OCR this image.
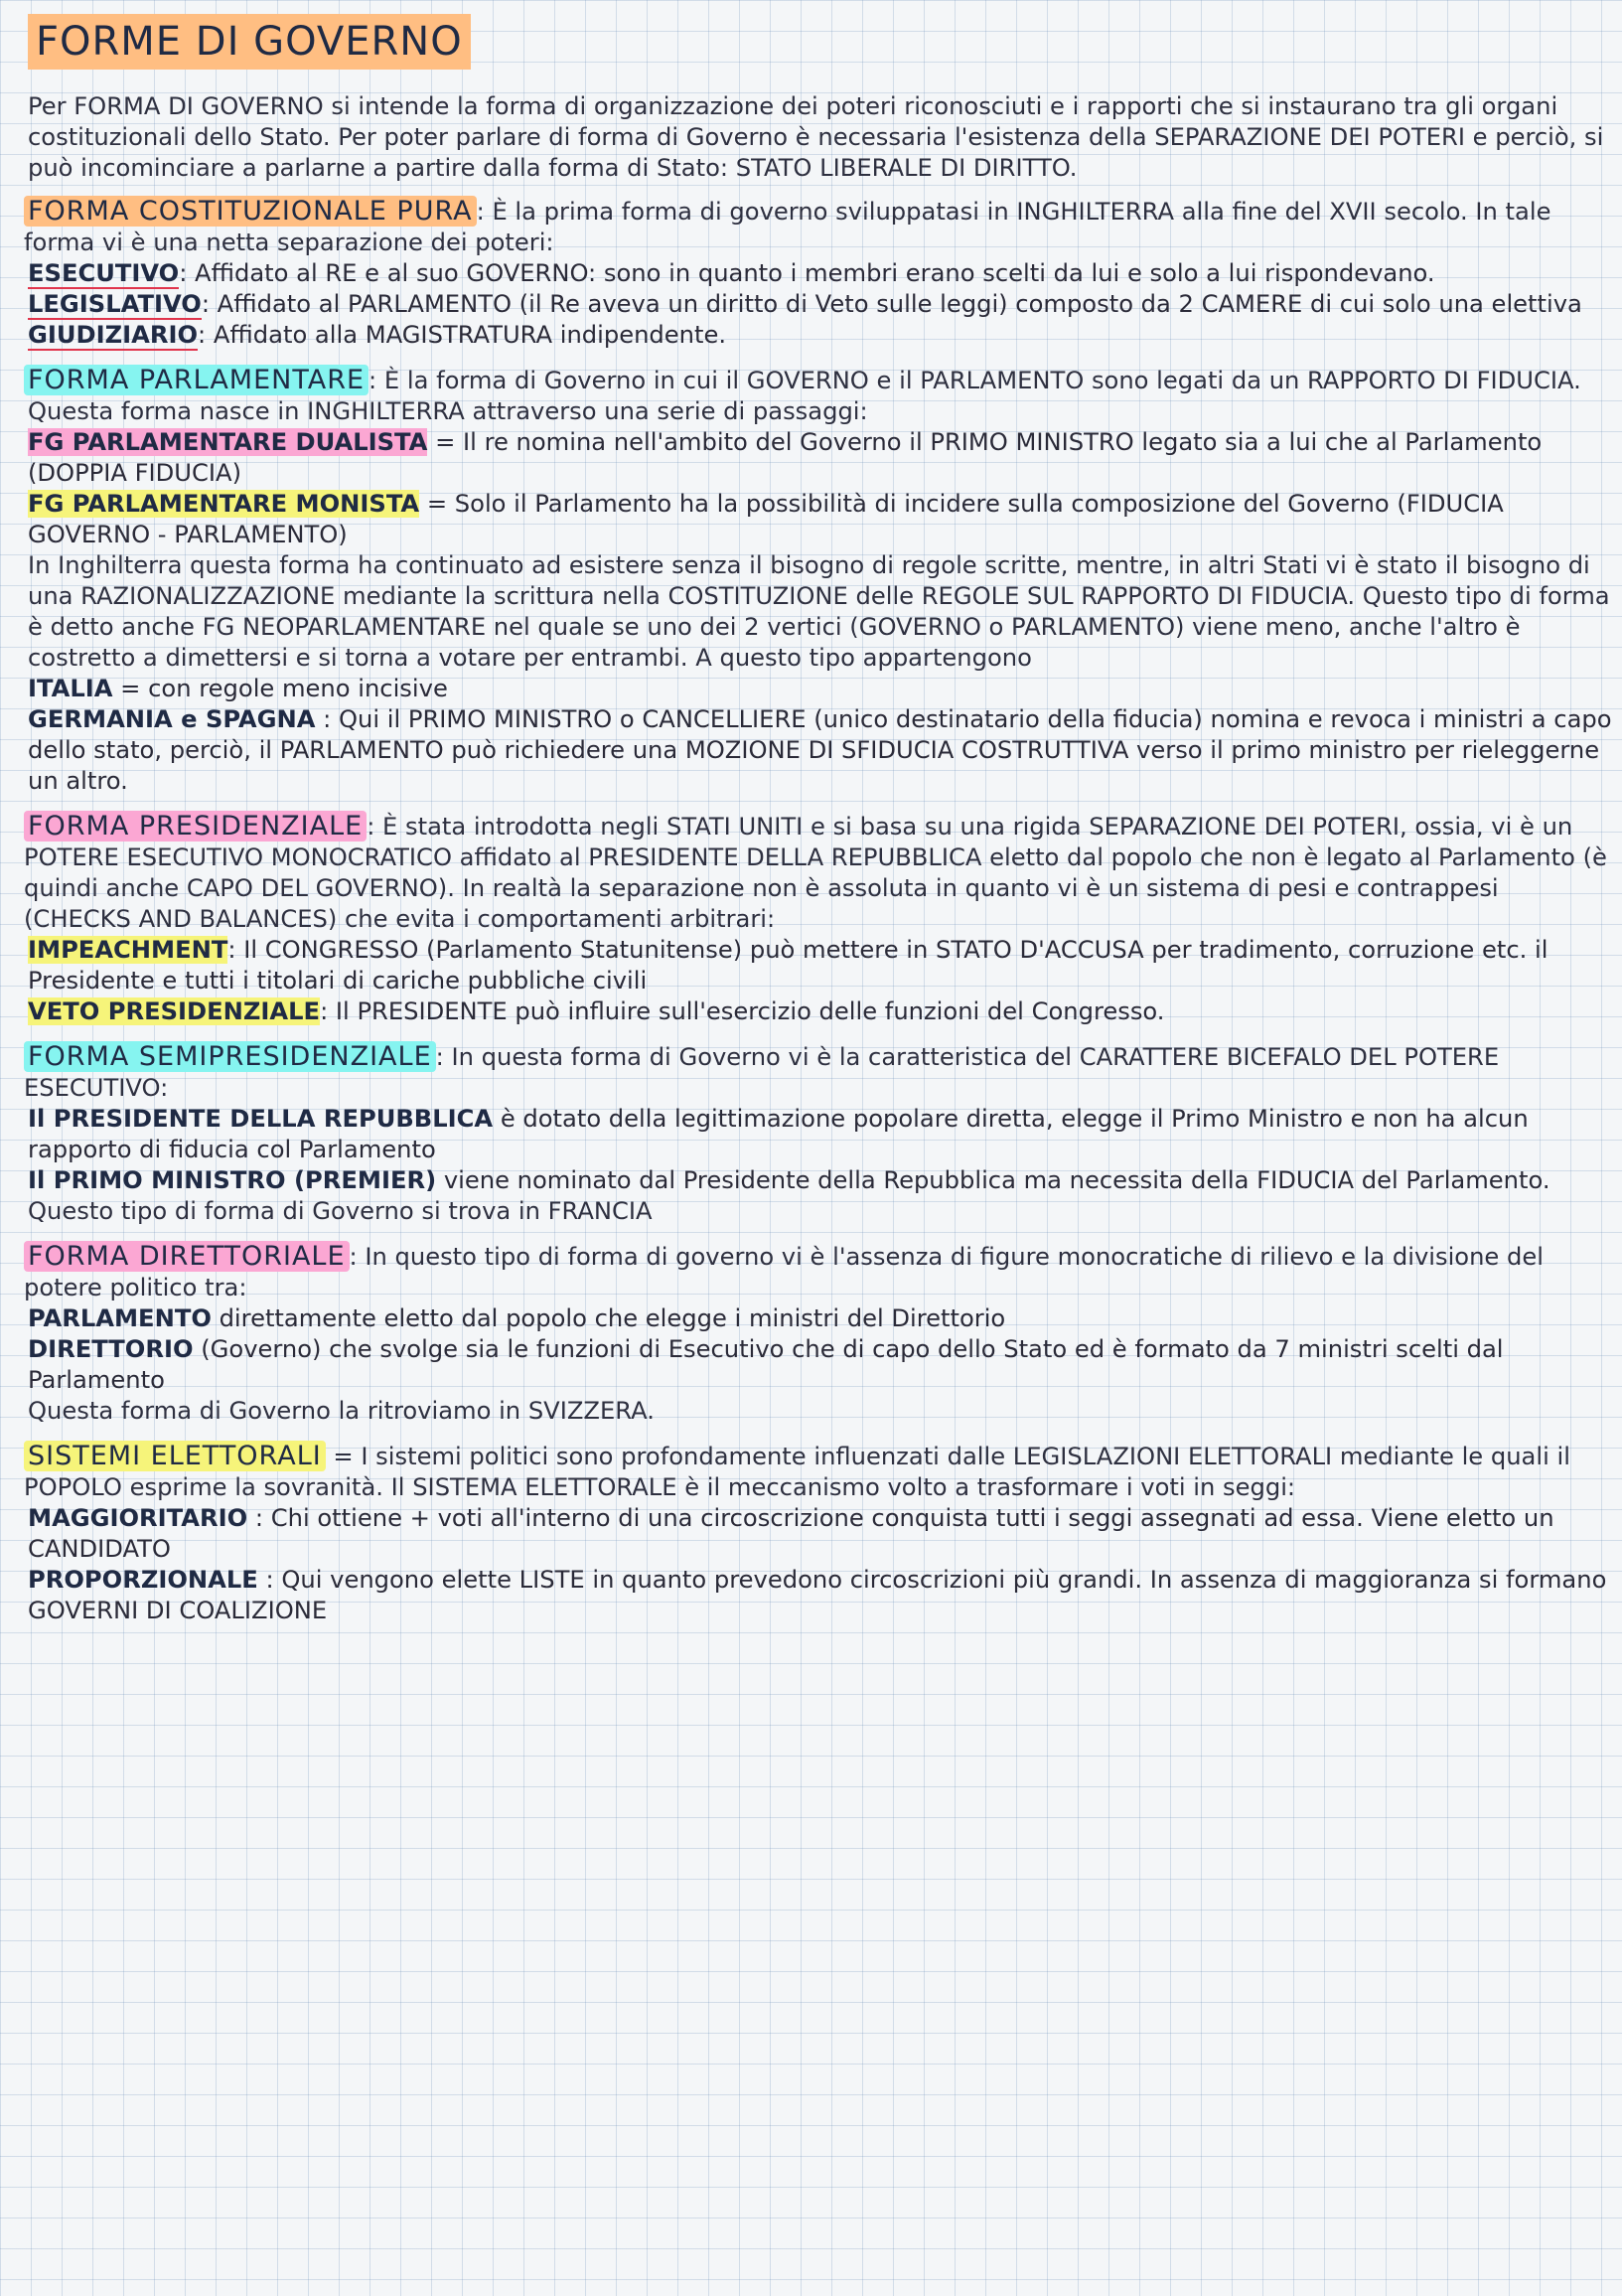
FORME DI GOVERNO

Per FORMA DI GOVERNO si intende la forma di organizzazione dei poteri riconosciuti e i rapporti che si instaurano tra gli organi costituzionali dello Stato. Per poter parlare di forma di Governo è necessaria l'esistenza della SEPARAZIONE DEI POTERI e perciò, si può incominciare a parlarne a partire dalla forma di Stato: STATO LIBERALE DI DIRITTO.

FORMA COSTITUZIONALE PURA : È la prima forma di governo sviluppatasi in INGHILTERRA alla fine del XVII secolo. In tale forma vi è una netta separazione dei poteri:
ESECUTIVO: Affidato al RE e al suo GOVERNO: sono in quanto i membri erano scelti da lui e solo a lui rispondevano.
LEGISLATIVO: Affidato al PARLAMENTO (il Re aveva un diritto di Veto sulle leggi) composto da 2 CAMERE di cui solo una elettiva
GIUDIZIARIO: Affidato alla MAGISTRATURA indipendente.
FORMA PARLAMENTARE : È la forma di Governo in cui il GOVERNO e il PARLAMENTO sono legati da un RAPPORTO DI FIDUCIA.
Questa forma nasce in INGHILTERRA attraverso una serie di passaggi:
FG PARLAMENTARE DUALISTA = Il re nomina nell'ambito del Governo il PRIMO MINISTRO legato sia a lui che al Parlamento (DOPPIA FIDUCIA)
FG PARLAMENTARE MONISTA = Solo il Parlamento ha la possibilità di incidere sulla composizione del Governo (FIDUCIA GOVERNO - PARLAMENTO)
In Inghilterra questa forma ha continuato ad esistere senza il bisogno di regole scritte, mentre, in altri Stati vi è stato il bisogno di una RAZIONALIZZAZIONE mediante la scrittura nella COSTITUZIONE delle REGOLE SUL RAPPORTO DI FIDUCIA. Questo tipo di forma è detto anche FG NEOPARLAMENTARE nel quale se uno dei 2 vertici (GOVERNO o PARLAMENTO) viene meno, anche l'altro è costretto a dimettersi e si torna a votare per entrambi. A questo tipo appartengono
ITALIA = con regole meno incisive
GERMANIA e SPAGNA : Qui il PRIMO MINISTRO o CANCELLIERE (unico destinatario della fiducia) nomina e revoca i ministri a capo dello stato, perciò, il PARLAMENTO può richiedere una MOZIONE DI SFIDUCIA COSTRUTTIVA verso il primo ministro per rieleggerne un altro.
FORMA PRESIDENZIALE : È stata introdotta negli STATI UNITI e si basa su una rigida SEPARAZIONE DEI POTERI, ossia, vi è un POTERE ESECUTIVO MONOCRATICO affidato al PRESIDENTE DELLA REPUBBLICA eletto dal popolo che non è legato al Parlamento (è quindi anche CAPO DEL GOVERNO). In realtà la separazione non è assoluta in quanto vi è un sistema di pesi e contrappesi (CHECKS AND BALANCES) che evita i comportamenti arbitrari:
IMPEACHMENT: Il CONGRESSO (Parlamento Statunitense) può mettere in STATO D'ACCUSA per tradimento, corruzione etc. il Presidente e tutti i titolari di cariche pubbliche civili
VETO PRESIDENZIALE: Il PRESIDENTE può influire sull'esercizio delle funzioni del Congresso.
FORMA SEMIPRESIDENZIALE : In questa forma di Governo vi è la caratteristica del CARATTERE BICEFALO DEL POTERE ESECUTIVO:
Il PRESIDENTE DELLA REPUBBLICA è dotato della legittimazione popolare diretta, elegge il Primo Ministro e non ha alcun rapporto di fiducia col Parlamento
Il PRIMO MINISTRO (PREMIER) viene nominato dal Presidente della Repubblica ma necessita della FIDUCIA del Parlamento.
Questo tipo di forma di Governo si trova in FRANCIA
FORMA DIRETTORIALE : In questo tipo di forma di governo vi è l'assenza di figure monocratiche di rilievo e la divisione del potere politico tra:
PARLAMENTO direttamente eletto dal popolo che elegge i ministri del Direttorio
DIRETTORIO (Governo) che svolge sia le funzioni di Esecutivo che di capo dello Stato ed è formato da 7 ministri scelti dal Parlamento
Questa forma di Governo la ritroviamo in SVIZZERA.
SISTEMI ELETTORALI = I sistemi politici sono profondamente influenzati dalle LEGISLAZIONI ELETTORALI mediante le quali il POPOLO esprime la sovranità. Il SISTEMA ELETTORALE è il meccanismo volto a trasformare i voti in seggi:
MAGGIORITARIO : Chi ottiene + voti all'interno di una circoscrizione conquista tutti i seggi assegnati ad essa. Viene eletto un CANDIDATO
PROPORZIONALE : Qui vengono elette LISTE in quanto prevedono circoscrizioni più grandi. In assenza di maggioranza si formano GOVERNI DI COALIZIONE
